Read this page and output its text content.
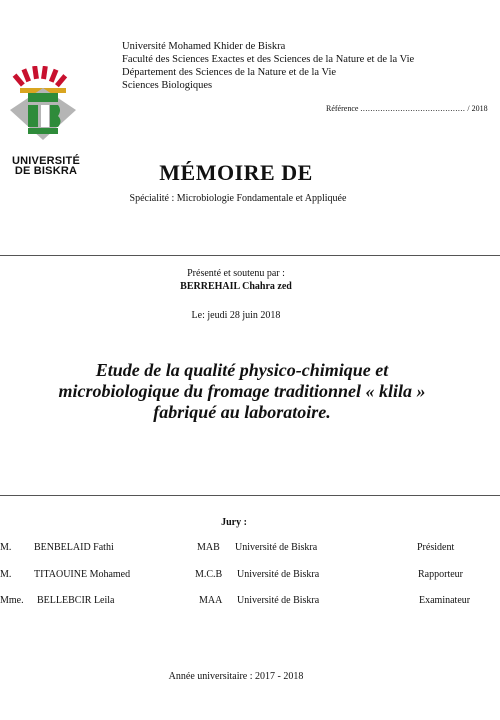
Université Mohamed Khider de Biskra
Faculté des Sciences Exactes et des Sciences de la Nature et de la Vie
Département des Sciences de la Nature et de la Vie
Sciences Biologiques
Référence .......................................... / 2018
UNIVERSITÉ
DE BISKRA	MÉMOIRE DE
Spécialité : Microbiologie Fondamentale et Appliquée
Présenté et soutenu par :
BERREHAIL Chahra zed
Le: jeudi 28 juin 2018
Etude de la qualité physico-chimique et
microbiologique du fromage traditionnel « klila »
fabriqué au laboratoire.
Jury :
M. BENBELAID Fathi	MAB Université de Biskra	Président
M. TITAOUINE Mohamed	M.C.B Université de Biskra	Rapporteur
Mme. BELLEBCIR Leila	MAA Université de Biskra	Examinateur
Année universitaire : 2017 - 2018
